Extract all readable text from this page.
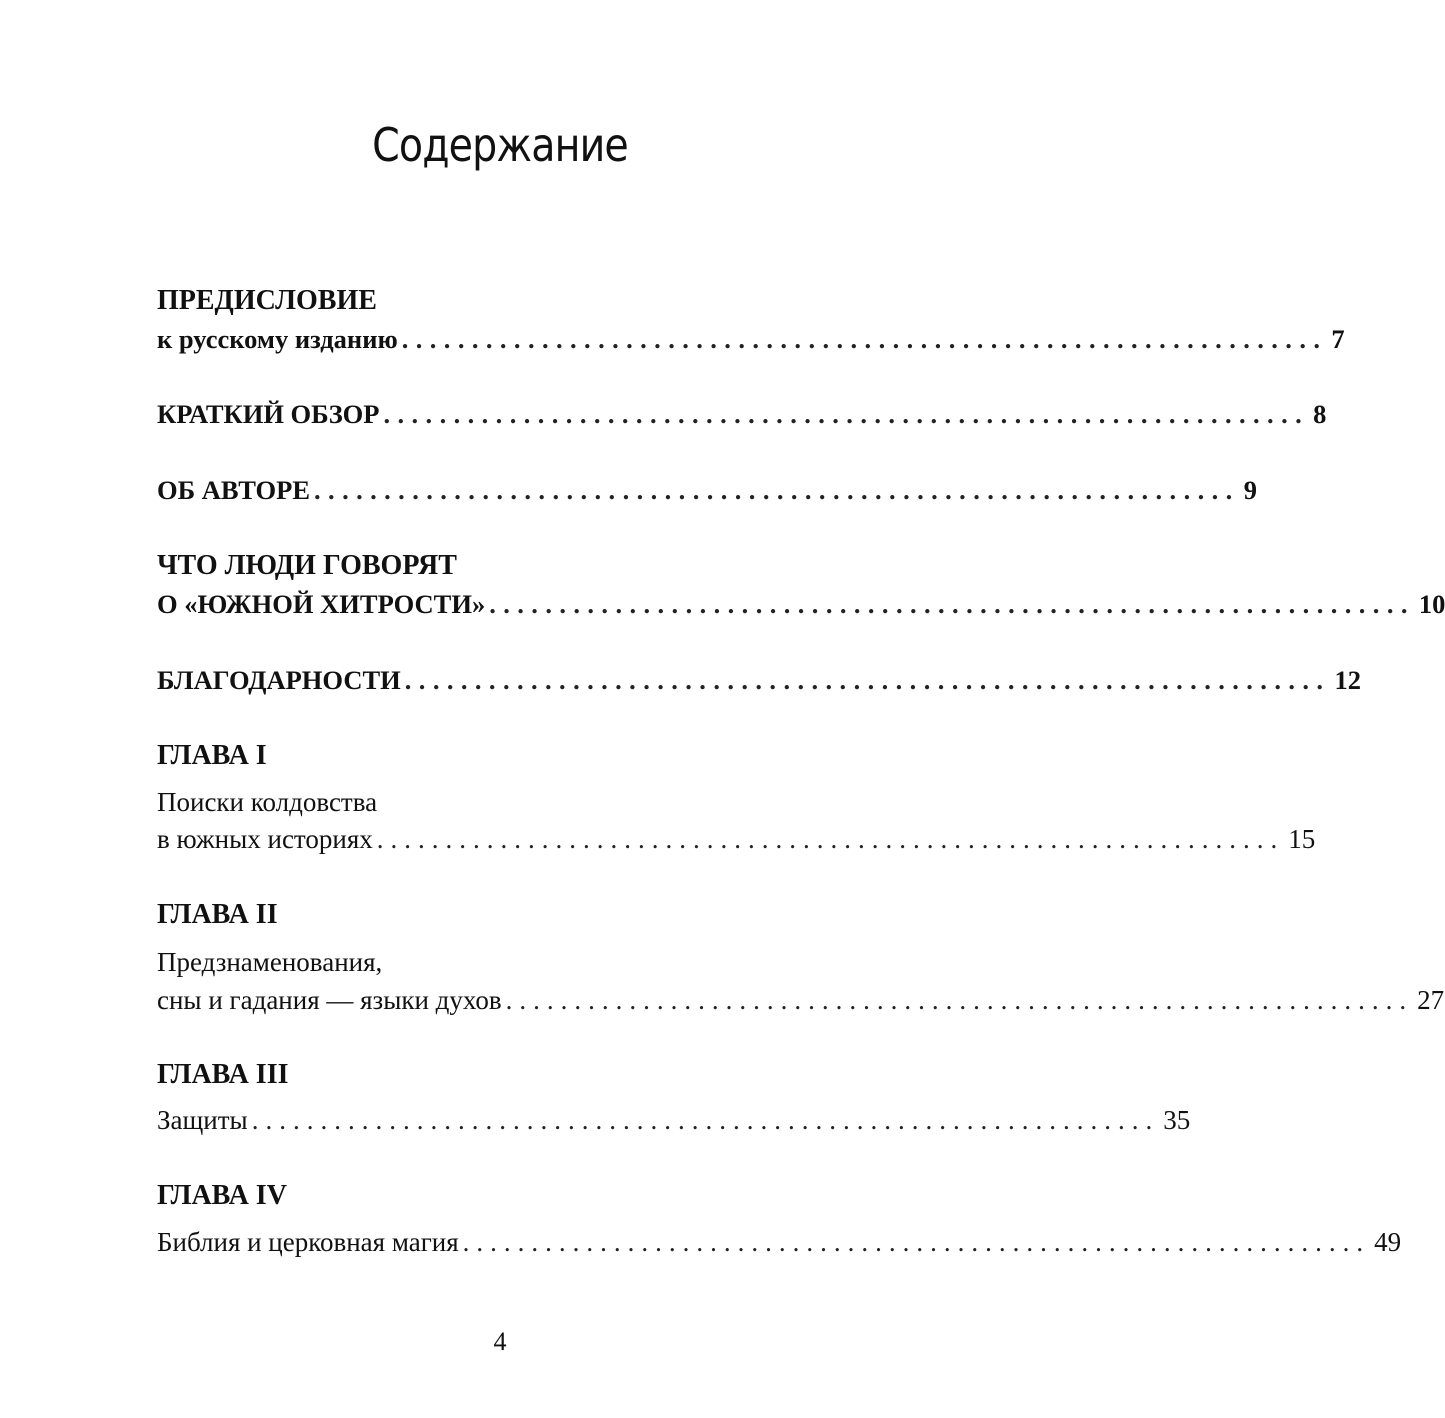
Содержание
ПРЕДИСЛОВИЕ
к русскому изданию .................................................................. 7
КРАТКИЙ ОБЗОР .................................................................. 8
ОБ АВТОРЕ .................................................................. 9
ЧТО ЛЮДИ ГОВОРЯТ
О «ЮЖНОЙ ХИТРОСТИ» .................................................................. 10
БЛАГОДАРНОСТИ .................................................................. 12
ГЛАВА I
Поиски колдовства
в южных историях .................................................................. 15
ГЛАВА II
Предзнаменования,
сны и гадания — языки духов .................................................................. 27
ГЛАВА III
Защиты .................................................................. 35
ГЛАВА IV
Библия и церковная магия .................................................................. 49
4
